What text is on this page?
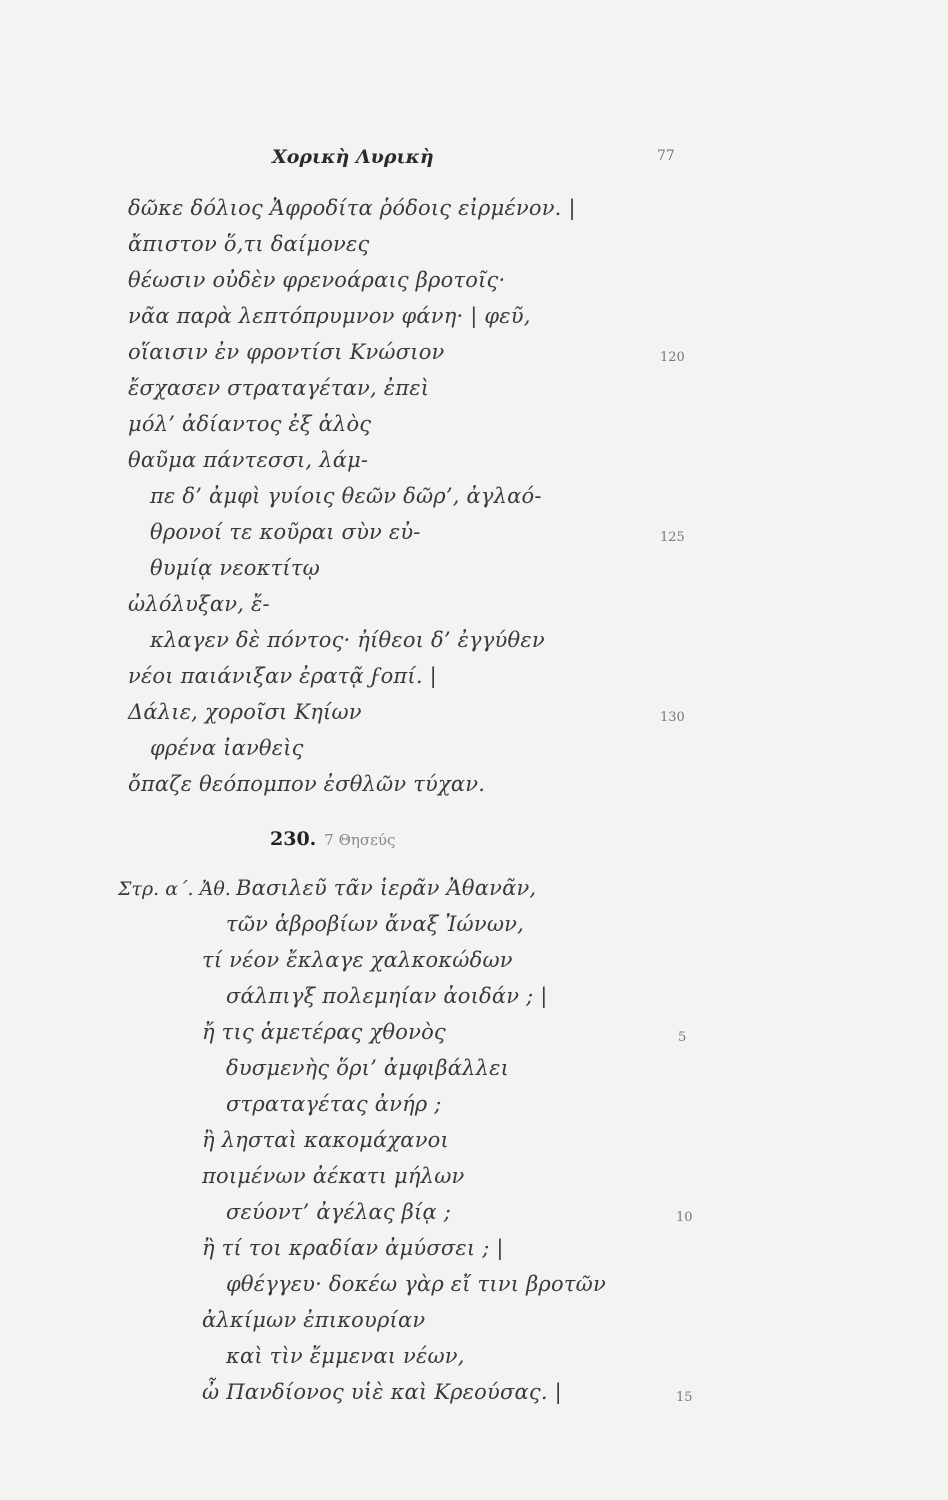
Χορικὴ Λυρικὴ	77
δῶκε δόλιος Ἀφροδίτα ῥόδοις εἰρμένον. |
ἄπιστον ὅ,τι δαίμονες
θέωσιν οὐδὲν φρενοάραις βροτοῖς·
νᾶα παρὰ λεπτόπρυμνον φάνη· | φεῦ,
οἵαισιν ἐν φροντίσι Κνώσιον
ἔσχασεν στραταγέταν, ἐπεὶ
μόλ’ ἀδίαντος ἐξ ἁλὸς
θαῦμα πάντεσσι, λάμ-
πε δ’ ἀμφὶ γυίοις θεῶν δῶρ’, ἀγλαό-
θρονοί τε κοῦραι σὺν εὐ-
θυμίᾳ νεοκτίτῳ
ὠλόλυξαν, ἔ-
κλαγεν δὲ πόντος· ἠίθεοι δ’ ἐγγύθεν
νέοι παιάνιξαν ἐρατᾷ ϝοπί. |
Δάλιε, χοροῖσι Κηίων
φρένα ἰανθεὶς
ὄπαζε θεόπομπον ἐσθλῶν τύχαν.
120
125
130
230. 7 Θησεύς
Στρ. α΄. Ἀθ. Βασιλεῦ τᾶν ἱερᾶν Ἀθανᾶν,
τῶν ἁβροβίων ἄναξ Ἰώνων,
τί νέον ἔκλαγε χαλκοκώδων
σάλπιγξ πολεμηίαν ἀοιδάν ; |
ἤ τις ἁμετέρας χθονὸς
δυσμενὴς ὅρι’ ἀμφιβάλλει
στραταγέτας ἀνήρ ;
ἢ λησταὶ κακομάχανοι
ποιμένων ἀέκατι μήλων
σεύοντ’ ἀγέλας βίᾳ ;
ἢ τί τοι κραδίαν ἀμύσσει ; |
φθέγγευ· δοκέω γὰρ εἴ τινι βροτῶν
ἀλκίμων ἐπικουρίαν
καὶ τὶν ἔμμεναι νέων,
ὦ Πανδίονος υἱὲ καὶ Κρεούσας. |
5
10
15
